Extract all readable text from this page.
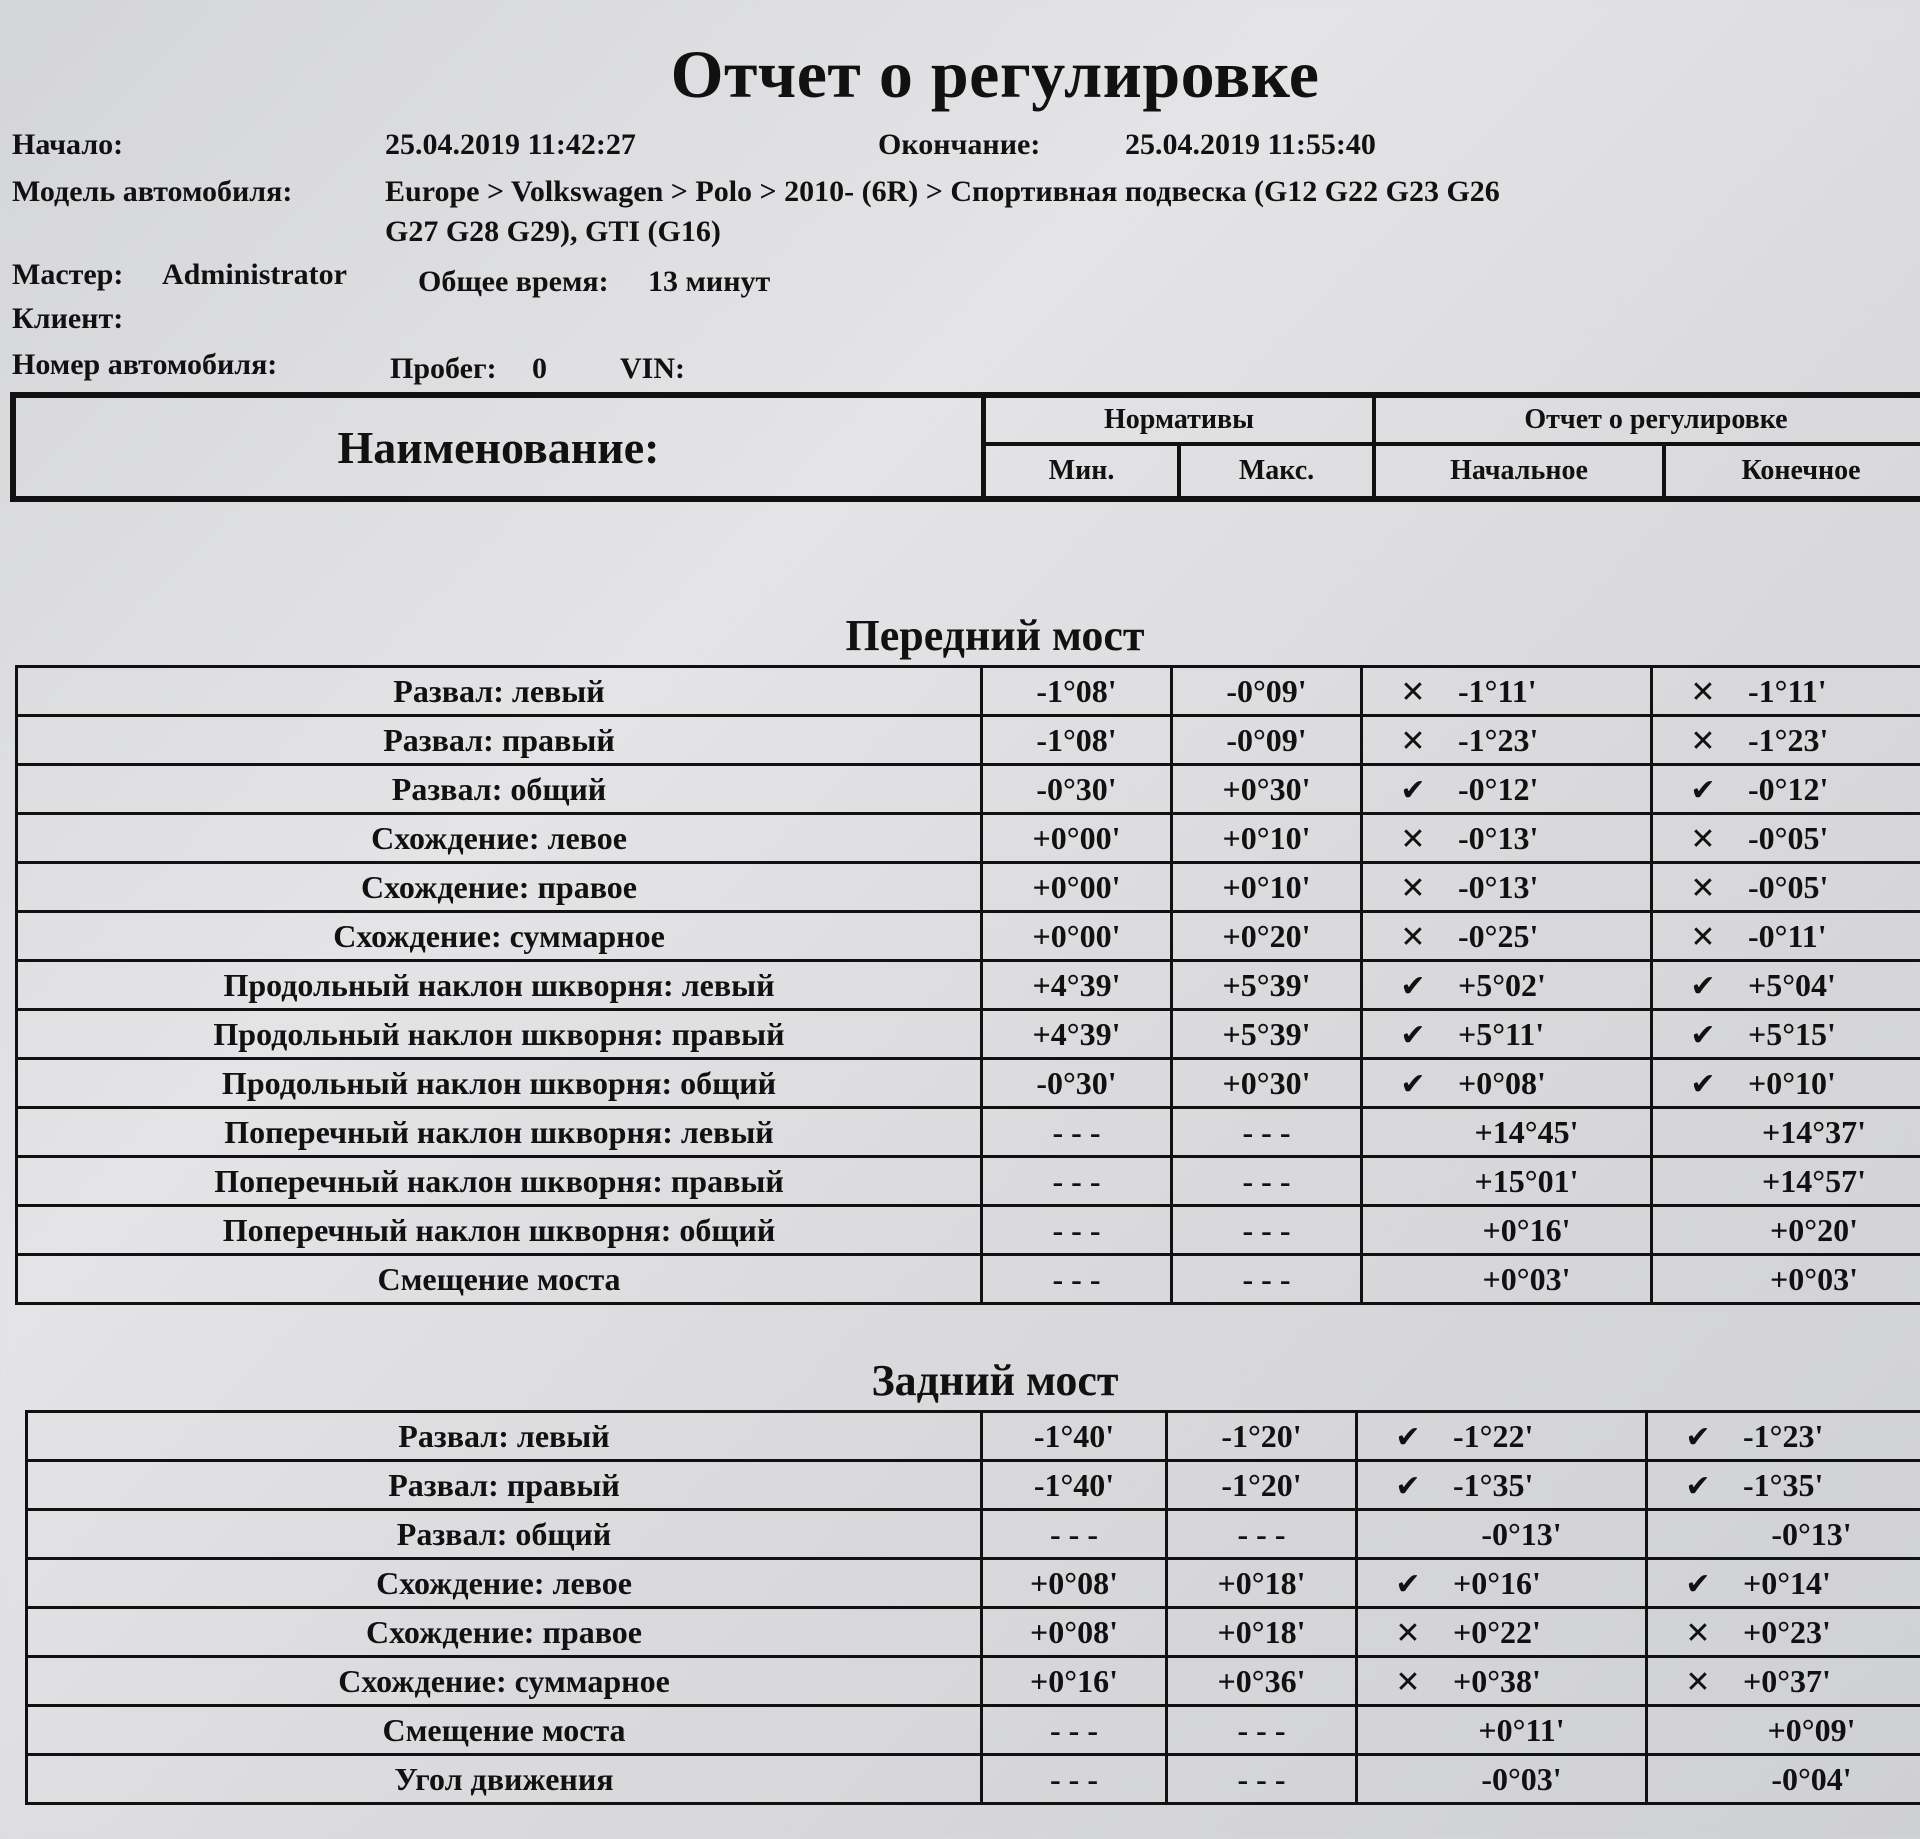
Отчет о регулировке
Начало:	25.04.2019 11:42:27	Окончание:	25.04.2019 11:55:40
Модель автомобиля:	Europe > Volkswagen > Polo > 2010- (6R) > Спортивная подвеска (G12 G22 G23 G26
G27 G28 G29), GTI (G16)
Мастер: Administrator Общее время: 13 минут
Клиент:
Номер автомобиля:	Пробег: 0 VIN:
Наименование:
Нормативы	Отчет о регулировке
Мин.	Макс.	Начальное	Конечное
Передний мост
Развал: левый	-1°08'	-0°09'	✕ -1°11'	✕ -1°11'
Развал: правый	-1°08'	-0°09'	✕ -1°23'	✕ -1°23'
Развал: общий	-0°30'	+0°30'	✔ -0°12'	✔ -0°12'
Схождение: левое	+0°00'	+0°10'	✕ -0°13'	✕ -0°05'
Схождение: правое	+0°00'	+0°10'	✕ -0°13'	✕ -0°05'
Схождение: суммарное	+0°00'	+0°20'	✕ -0°25'	✕ -0°11'
Продольный наклон шкворня: левый	+4°39'	+5°39'	✔ +5°02'	✔ +5°04'
Продольный наклон шкворня: правый	+4°39'	+5°39'	✔ +5°11'	✔ +5°15'
Продольный наклон шкворня: общий	-0°30'	+0°30'	✔ +0°08'	✔ +0°10'
Поперечный наклон шкворня: левый	- - -	- - -	+14°45'	+14°37'
Поперечный наклон шкворня: правый	- - -	- - -	+15°01'	+14°57'
Поперечный наклон шкворня: общий	- - -	- - -	+0°16'	+0°20'
Смещение моста	- - -	- - -	+0°03'	+0°03'
Задний мост
Развал: левый	-1°40'	-1°20'	✔ -1°22'	✔ -1°23'
Развал: правый	-1°40'	-1°20'	✔ -1°35'	✔ -1°35'
Развал: общий	- - -	- - -	-0°13'	-0°13'
Схождение: левое	+0°08'	+0°18'	✔ +0°16'	✔ +0°14'
Схождение: правое	+0°08'	+0°18'	✕ +0°22'	✕ +0°23'
Схождение: суммарное	+0°16'	+0°36'	✕ +0°38'	✕ +0°37'
Смещение моста	- - -	- - -	+0°11'	+0°09'
Угол движения	- - -	- - -	-0°03'	-0°04'
